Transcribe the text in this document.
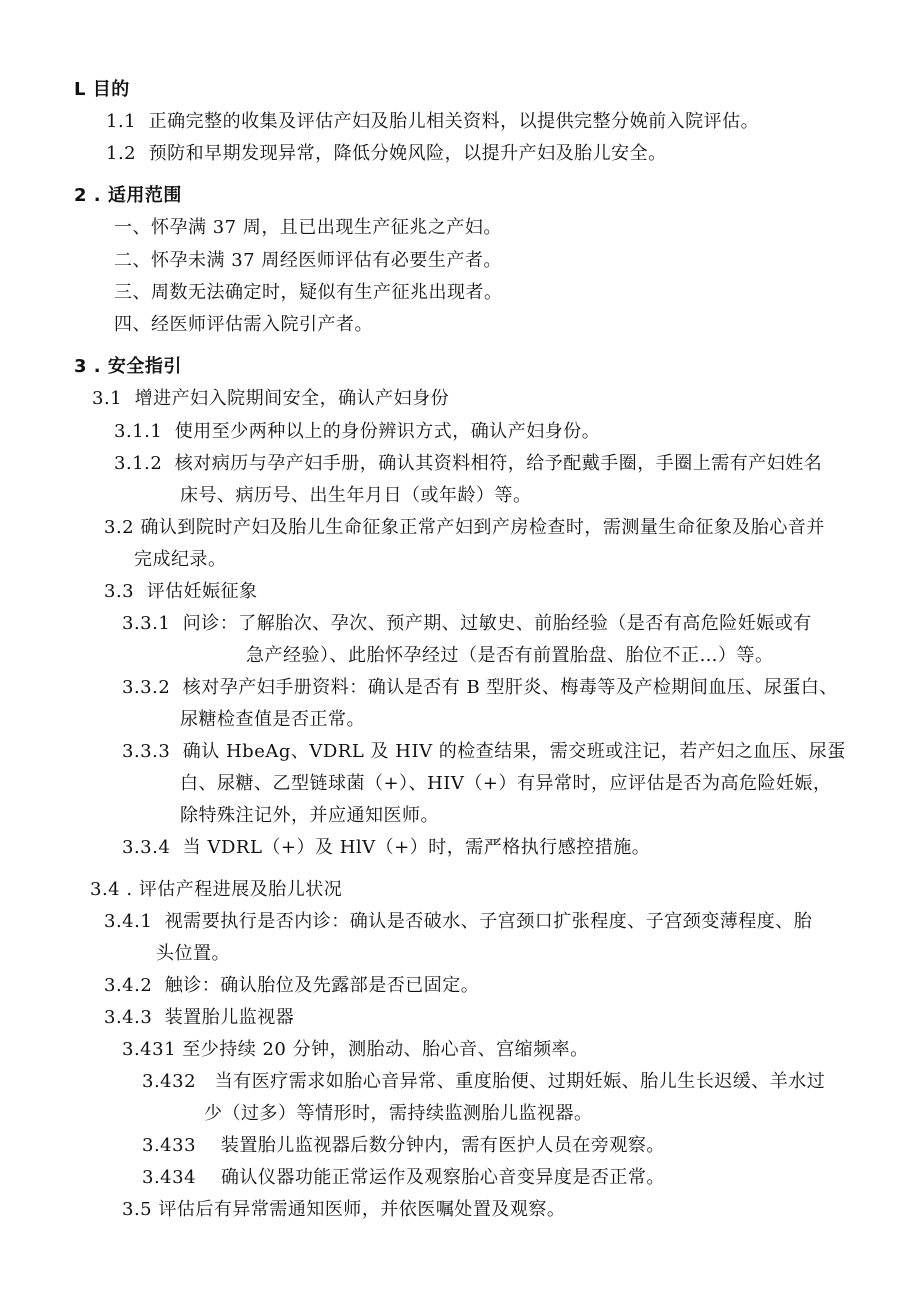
L 目的
1.1 正确完整的收集及评估产妇及胎儿相关资料，以提供完整分娩前入院评估。
1.2 预防和早期发现异常，降低分娩风险，以提升产妇及胎儿安全。
2 . 适用范围
一、怀孕满 37 周，且已出现生产征兆之产妇。
二、怀孕未满 37 周经医师评估有必要生产者。
三、周数无法确定时，疑似有生产征兆出现者。
四、经医师评估需入院引产者。
3 . 安全指引
3.1 增进产妇入院期间安全，确认产妇身份
3.1.1 使用至少两种以上的身份辨识方式，确认产妇身份。
3.1.2 核对病历与孕产妇手册，确认其资料相符，给予配戴手圈，手圈上需有产妇姓名
床号、病历号、出生年月日（或年龄）等。
3.2 确认到院时产妇及胎儿生命征象正常产妇到产房检查时，需测量生命征象及胎心音并
完成纪录。
3.3 评估妊娠征象
3.3.1 问诊：了解胎次、孕次、预产期、过敏史、前胎经验（是否有高危险妊娠或有
急产经验）、此胎怀孕经过（是否有前置胎盘、胎位不正…）等。
3.3.2 核对孕产妇手册资料：确认是否有 B 型肝炎、梅毒等及产检期间血压、尿蛋白、
尿糖检查值是否正常。
3.3.3 确认 HbeAg、VDRL 及 HIV 的检查结果，需交班或注记，若产妇之血压、尿蛋
白、尿糖、乙型链球菌（+）、HIV（+）有异常时，应评估是否为高危险妊娠，
除特殊注记外，并应通知医师。
3.3.4 当 VDRL（+）及 HlV（+）时，需严格执行感控措施。
3.4 . 评估产程进展及胎儿状况
3.4.1 视需要执行是否内诊：确认是否破水、子宫颈口扩张程度、子宫颈变薄程度、胎
头位置。
3.4.2 触诊：确认胎位及先露部是否已固定。
3.4.3 装置胎儿监视器
3.431 至少持续 20 分钟，测胎动、胎心音、宫缩频率。
3.432 当有医疗需求如胎心音异常、重度胎便、过期妊娠、胎儿生长迟缓、羊水过
少（过多）等情形时，需持续监测胎儿监视器。
3.433 装置胎儿监视器后数分钟内，需有医护人员在旁观察。
3.434 确认仪器功能正常运作及观察胎心音变异度是否正常。
3.5 评估后有异常需通知医师，并依医嘱处置及观察。
